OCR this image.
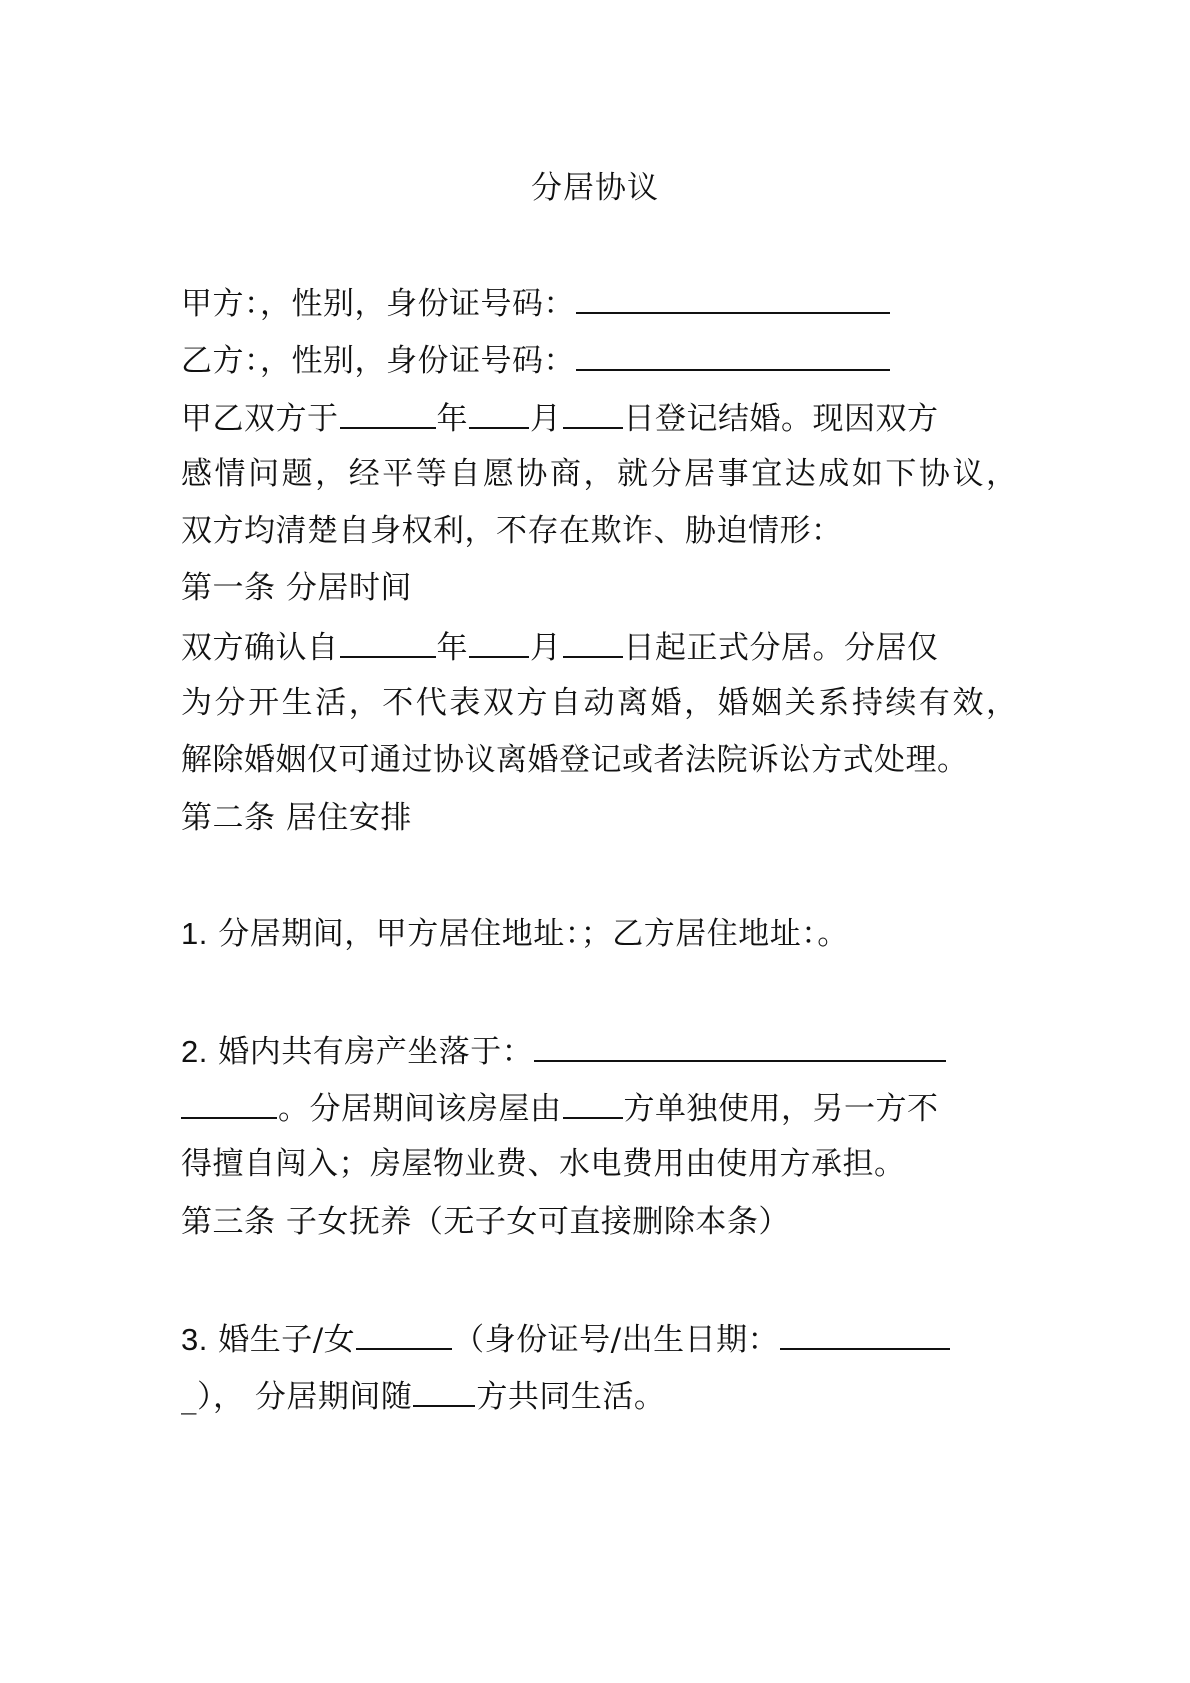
分居协议
甲方：，性别，身份证号码：
乙方：，性别，身份证号码：
甲乙双方于	年 月 日登记结婚。现因双方
感情问题，经平等自愿协商，就分居事宜达成如下协议，
双方均清楚自身权利，不存在欺诈、胁迫情形：
第一条 分居时间
双方确认自	年 月 日起正式分居。分居仅
为分开生活，不代表双方自动离婚，婚姻关系持续有效，
解除婚姻仅可通过协议离婚登记或者法院诉讼方式处理。
第二条 居住安排
1. 分居期间，甲方居住地址：；乙方居住地址：。
2. 婚内共有房产坐落于：
。分居期间该房屋由 方单独使用，另一方不
得擅自闯入；房屋物业费、水电费用由使用方承担。
第三条 子女抚养（无子女可直接删除本条）
3. 婚生子/女	（身份证号/出生日期：
_）， 分居期间随 方共同生活。
